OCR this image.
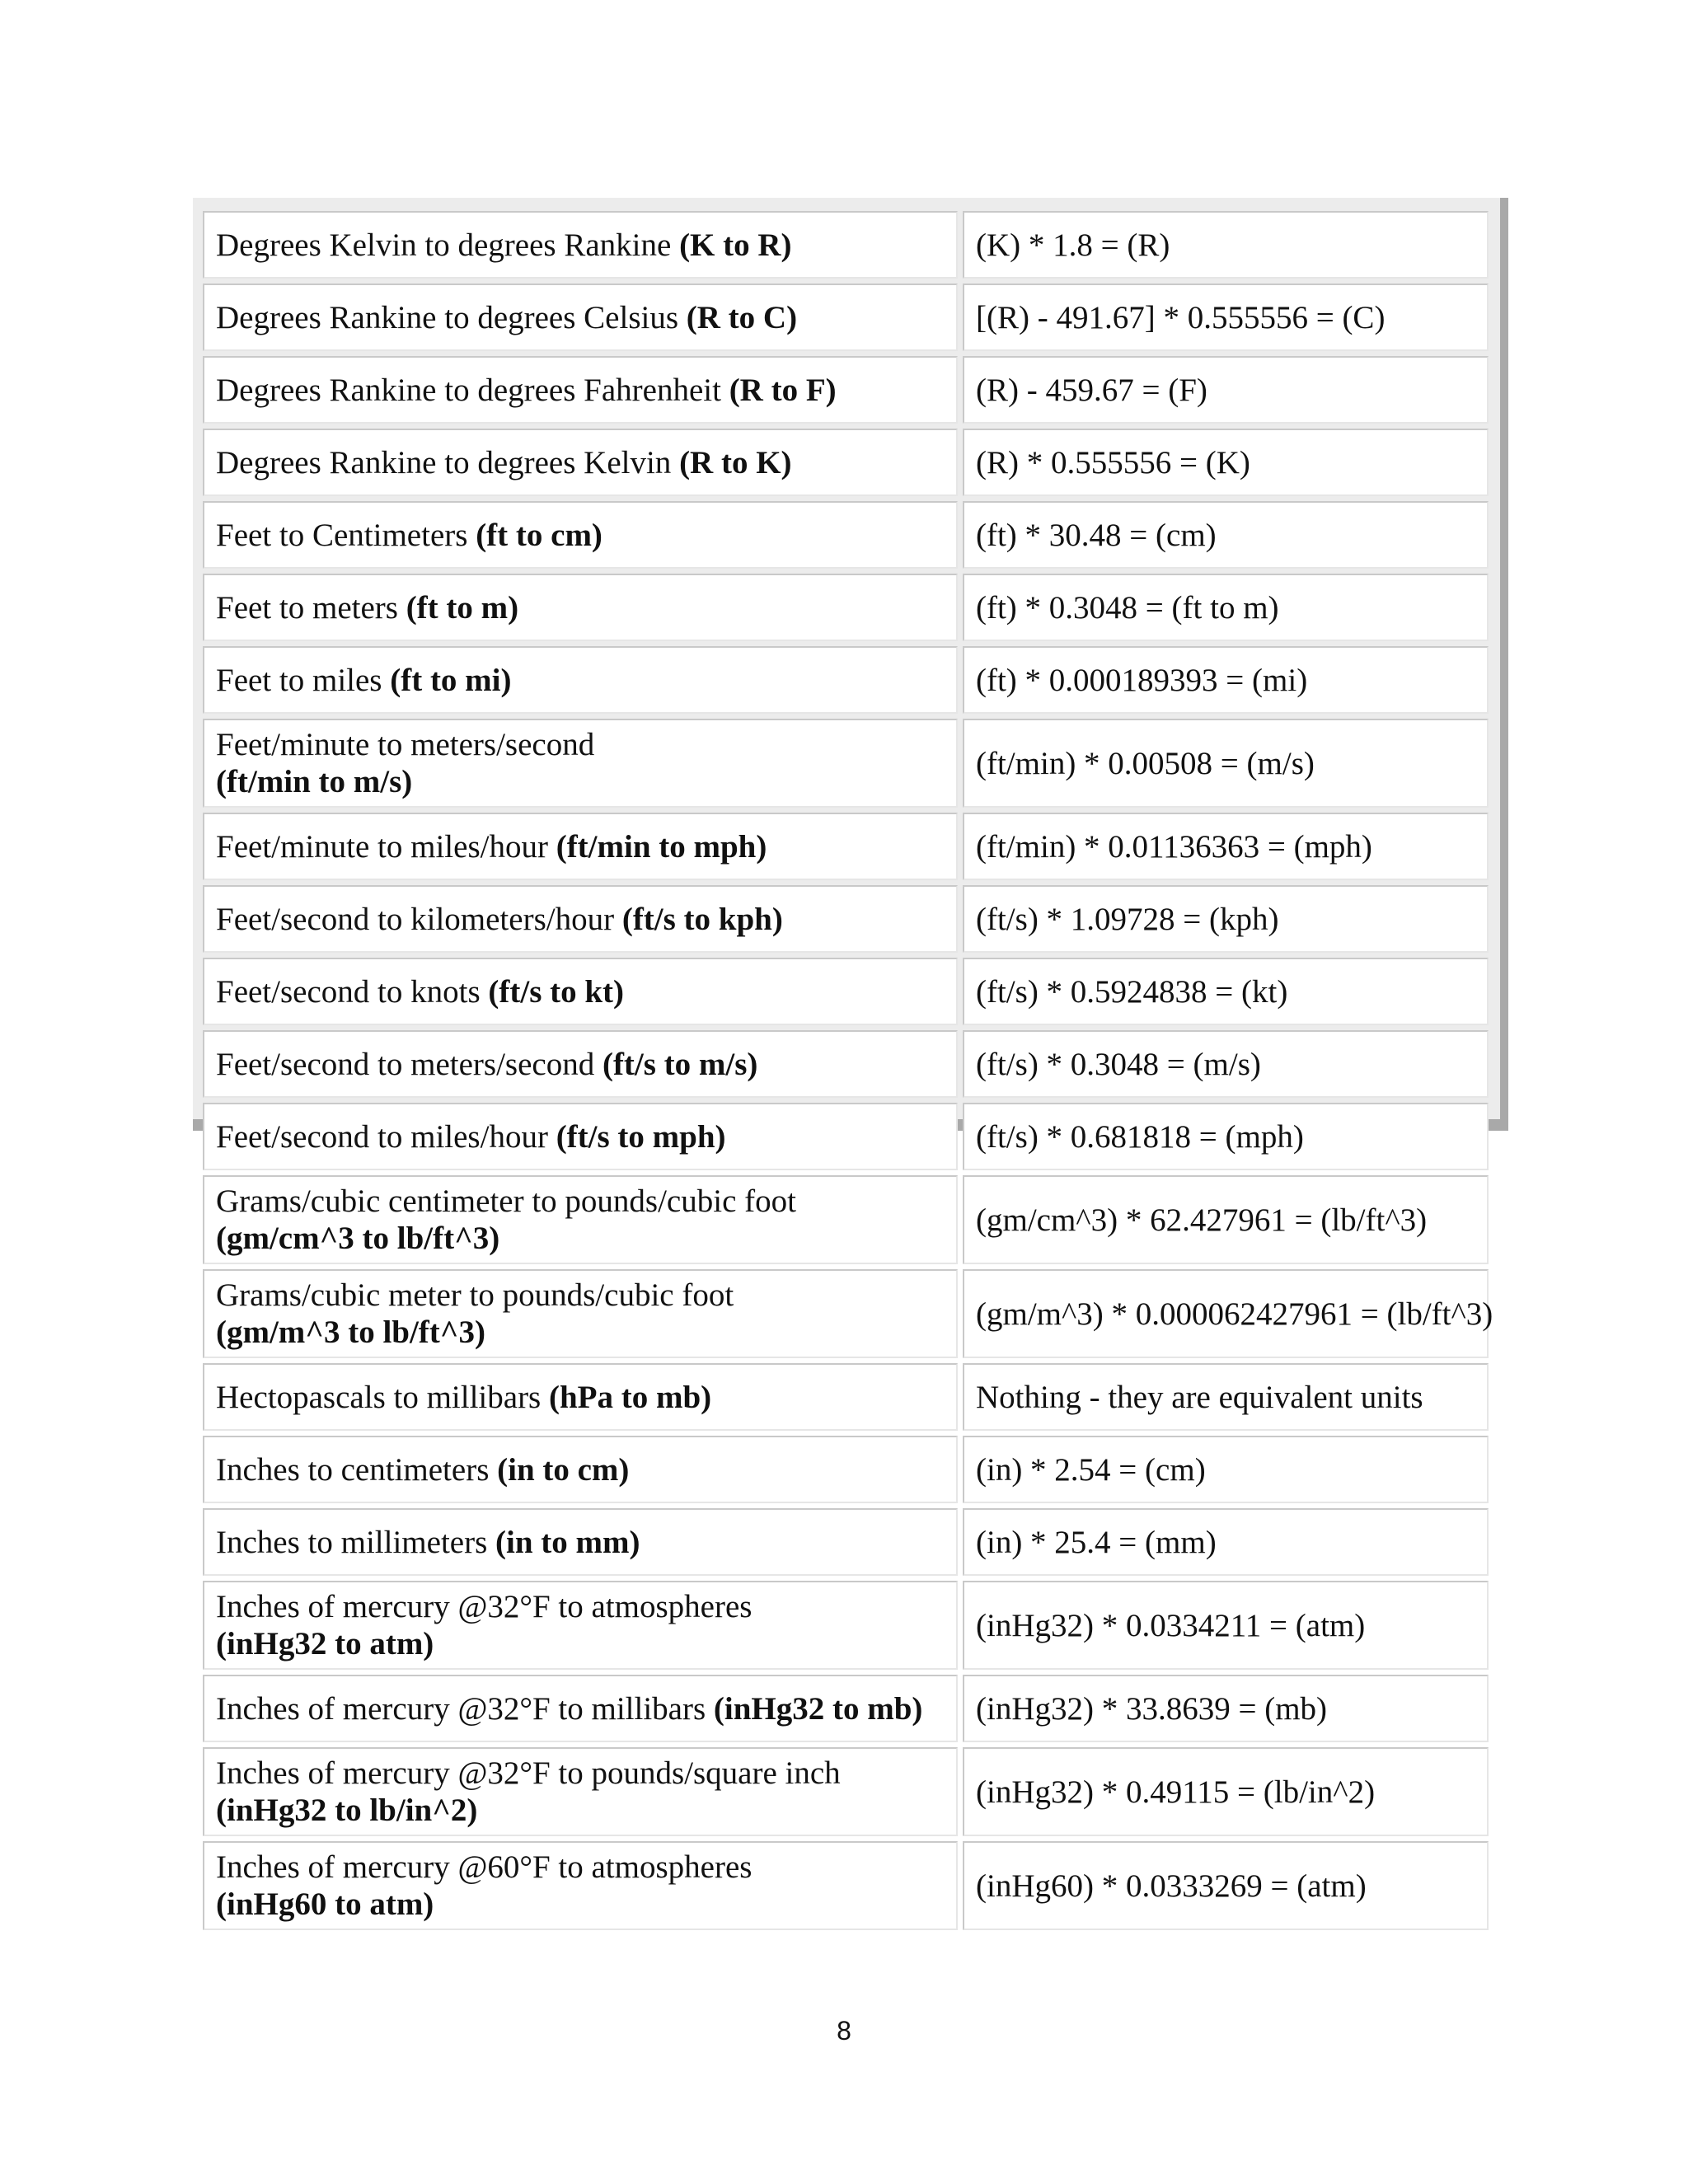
Degrees Kelvin to degrees Rankine (K to R)	(K) * 1.8 = (R)
Degrees Rankine to degrees Celsius (R to C)	[(R) - 491.67] * 0.555556 = (C)
Degrees Rankine to degrees Fahrenheit (R to F)	(R) - 459.67 = (F)
Degrees Rankine to degrees Kelvin (R to K)	(R) * 0.555556 = (K)
Feet to Centimeters (ft to cm)	(ft) * 30.48 = (cm)
Feet to meters (ft to m)	(ft) * 0.3048 = (ft to m)
Feet to miles (ft to mi)	(ft) * 0.000189393 = (mi)
Feet/minute to meters/second
(ft/min to m/s)	(ft/min) * 0.00508 = (m/s)
Feet/minute to miles/hour (ft/min to mph)	(ft/min) * 0.01136363 = (mph)
Feet/second to kilometers/hour (ft/s to kph)	(ft/s) * 1.09728 = (kph)
Feet/second to knots (ft/s to kt)	(ft/s) * 0.5924838 = (kt)
Feet/second to meters/second (ft/s to m/s)	(ft/s) * 0.3048 = (m/s)
Feet/second to miles/hour (ft/s to mph)	(ft/s) * 0.681818 = (mph)
Grams/cubic centimeter to pounds/cubic foot
(gm/cm^3 to lb/ft^3)	(gm/cm^3) * 62.427961 = (lb/ft^3)
Grams/cubic meter to pounds/cubic foot
(gm/m^3 to lb/ft^3)	(gm/m^3) * 0.000062427961 = (lb/ft^3)
Hectopascals to millibars (hPa to mb)	Nothing - they are equivalent units
Inches to centimeters (in to cm)	(in) * 2.54 = (cm)
Inches to millimeters (in to mm)	(in) * 25.4 = (mm)
Inches of mercury @32°F to atmospheres
(inHg32 to atm)	(inHg32) * 0.0334211 = (atm)
Inches of mercury @32°F to millibars (inHg32 to mb)	(inHg32) * 33.8639 = (mb)
Inches of mercury @32°F to pounds/square inch
(inHg32 to lb/in^2)	(inHg32) * 0.49115 = (lb/in^2)
Inches of mercury @60°F to atmospheres
(inHg60 to atm)	(inHg60) * 0.0333269 = (atm)
8
